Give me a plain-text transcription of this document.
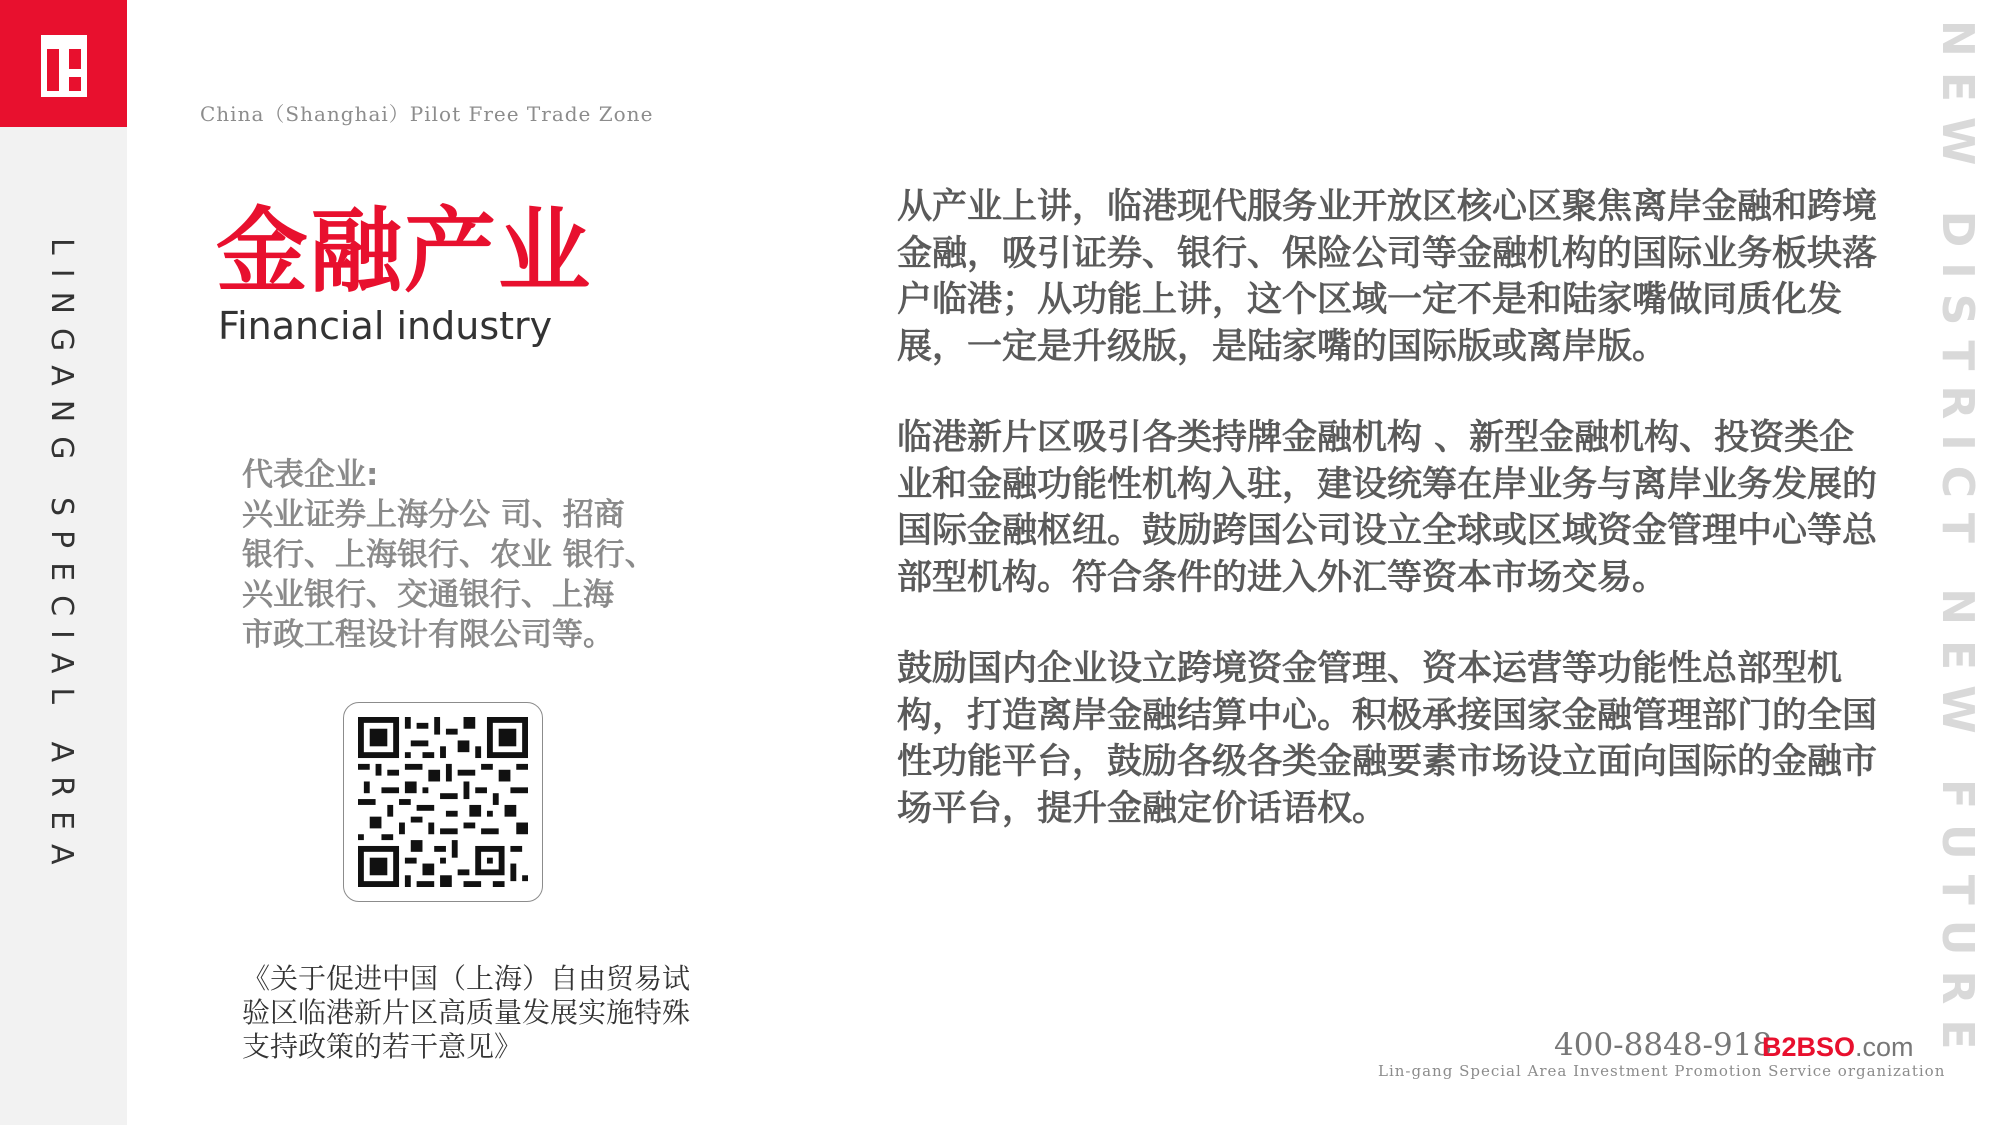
LINGANG SPECIAL AREA	NEW DISTRICT NEW FUTURE
China（Shanghai）Pilot Free Trade Zone
金融产业
Financial industry
代表企业:
兴业证券上海分公 司、招商
银行、上海银行、农业 银行、
兴业银行、交通银行、上海
市政工程设计有限公司等。
《关于促进中国（上海）自由贸易试
验区临港新片区高质量发展实施特殊
支持政策的若干意见》

从产业上讲，临港现代服务业开放区核心区聚焦离岸金融和跨境金融，吸引证券、银行、保险公司等金融机构的国际业务板块落户临港；从功能上讲，这个区域一定不是和陆家嘴做同质化发展，一定是升级版，是陆家嘴的国际版或离岸版。

临港新片区吸引各类持牌金融机构 、新型金融机构、投资类企业和金融功能性机构入驻，建设统筹在岸业务与离岸业务发展的国际金融枢纽。鼓励跨国公司设立全球或区域资金管理中心等总部型机构。符合条件的进入外汇等资本市场交易。

鼓励国内企业设立跨境资金管理、资本运营等功能性总部型机构，打造离岸金融结算中心。积极承接国家金融管理部门的全国性功能平台，鼓励各级各类金融要素市场设立面向国际的金融市场平台，提升金融定价话语权。

400-8848-918
B2BSO.com
Lin-gang Special Area Investment Promotion Service organization
